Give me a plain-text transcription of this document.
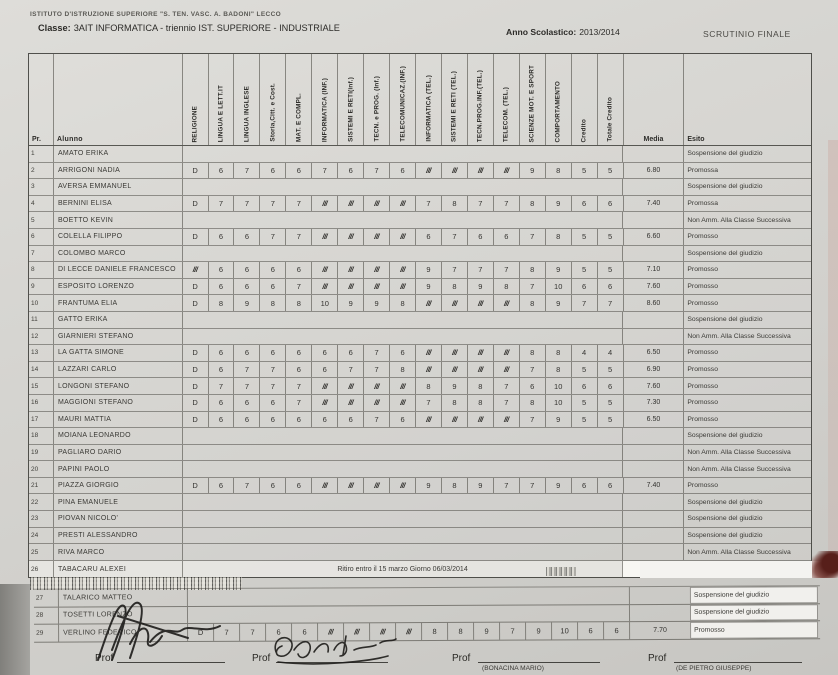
ISTITUTO D'ISTRUZIONE SUPERIORE "S. TEN. VASC. A. BADONI" LECCO
Classe: 3AIT INFORMATICA - triennio IST. SUPERIORE - INDUSTRIALE	Anno Scolastico: 2013/2014	SCRUTINIO FINALE
Pr. Alunno	RELIGIONE	LINGUA E LETT.IT	LINGUA INGLESE	Storia,Citt. e Cost.	MAT. E COMPL.	INFORMATICA (INF.)	SISTEMI E RETI(inf.)	TECN. e PROG. (Inf.)	TELECOMUNICAZ.(INF.)	INFORMATICA (TEL.)	SISTEMI E RETI (TEL.)	TECN.PROG.INF.(TEL.)	TELECOM. (TEL.)	SCIENZE MOT. E SPORT	COMPORTAMENTO	Credito	Totale Credito	Media	Esito
1	AMATO ERIKA	Sospensione del giudizio
2	ARRIGONI NADIA	D	6	7	6	6	7	6	7	6	///	///	///	///	9	8	5	5	6.80	Promossa
3	AVERSA EMMANUEL	Sospensione del giudizio
4	BERNINI ELISA	D	7	7	7	7	///	///	///	///	7	8	7	7	8	9	6	6	7.40	Promossa
5	BOETTO KEVIN	Non Amm. Alla Classe Successiva
6	COLELLA FILIPPO	D	6	6	7	7	///	///	///	///	6	7	6	6	7	8	5	5	6.60	Promosso
7	COLOMBO MARCO	Sospensione del giudizio
8	DI LECCE DANIELE FRANCESCO	///	6	6	6	6	///	///	///	///	9	7	7	7	8	9	5	5	7.10	Promosso
9	ESPOSITO LORENZO	D	6	6	6	7	///	///	///	///	9	8	9	8	7	10	6	6	7.60	Promosso
10	FRANTUMA ELIA	D	8	9	8	8	10	9	9	8	///	///	///	///	8	9	7	7	8.60	Promosso
11	GATTO ERIKA	Sospensione del giudizio
12	GIARNIERI STEFANO	Non Amm. Alla Classe Successiva
13	LA GATTA SIMONE	D	6	6	6	6	6	6	7	6	///	///	///	///	8	8	4	4	6.50	Promosso
14	LAZZARI CARLO	D	6	7	7	6	6	7	7	8	///	///	///	///	7	8	5	5	6.90	Promosso
15	LONGONI STEFANO	D	7	7	7	7	///	///	///	///	8	9	8	7	6	10	6	6	7.60	Promosso
16	MAGGIONI STEFANO	D	6	6	6	7	///	///	///	///	7	8	8	7	8	10	5	5	7.30	Promosso
17	MAURI MATTIA	D	6	6	6	6	6	6	7	6	///	///	///	///	7	9	5	5	6.50	Promosso
18	MOIANA LEONARDO	Sospensione del giudizio
19	PAGLIARO DARIO	Non Amm. Alla Classe Successiva
20	PAPINI PAOLO	Non Amm. Alla Classe Successiva
21	PIAZZA GIORGIO	D	6	7	6	6	///	///	///	///	9	8	9	7	7	9	6	6	7.40	Promosso
22	PINA EMANUELE	Sospensione del giudizio
23	PIOVAN NICOLO'	Sospensione del giudizio
24	PRESTI ALESSANDRO	Sospensione del giudizio
25	RIVA MARCO	Non Amm. Alla Classe Successiva
26	TABACARU ALEXEI	Ritiro entro il 15 marzo Giorno 06/03/2014
27	TALARICO MATTEO	Sospensione del giudizio
28	TOSETTI LORENZO	Sospensione del giudizio
29	VERLINO FEDERICO	D	7	7	6	6	///	///	///	///	8	8	9	7	9	10	6	6	7.70	Promosso
Prof	Prof	Prof
(BONACINA MARIO)
Prof
(DE PIETRO GIUSEPPE)
